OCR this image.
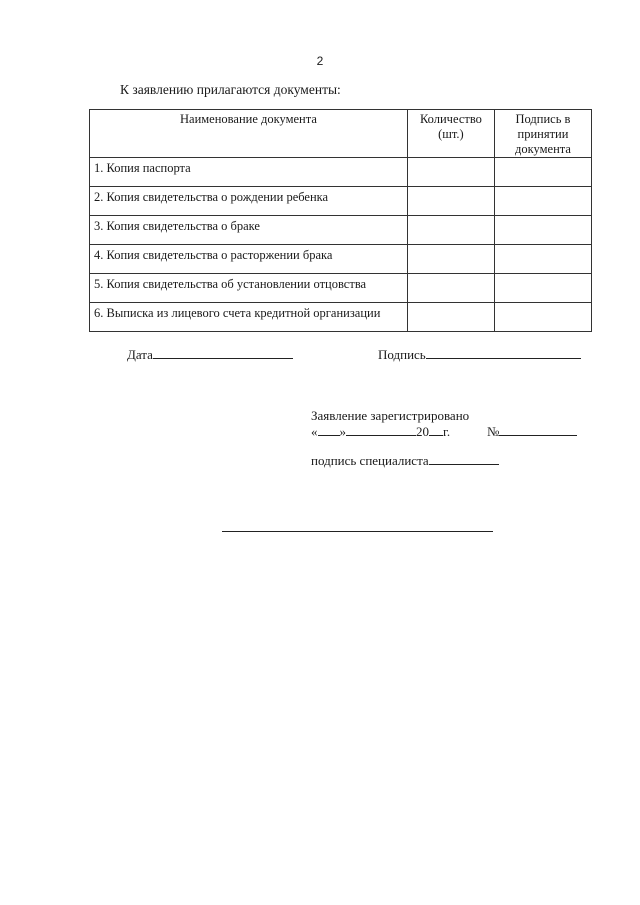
2
К заявлению прилагаются документы:
Наименование документа	Количество (шт.)	Подпись в принятии документа
1. Копия паспорта		
2. Копия свидетельства о рождении ребенка		
3. Копия свидетельства о браке		
4. Копия свидетельства о расторжении брака		
5. Копия свидетельства об установлении отцовства		
6. Выписка из лицевого счета кредитной организации		
Дата	Подпись
Заявление зарегистрировано
« »	20 г.	№
подпись специалиста
